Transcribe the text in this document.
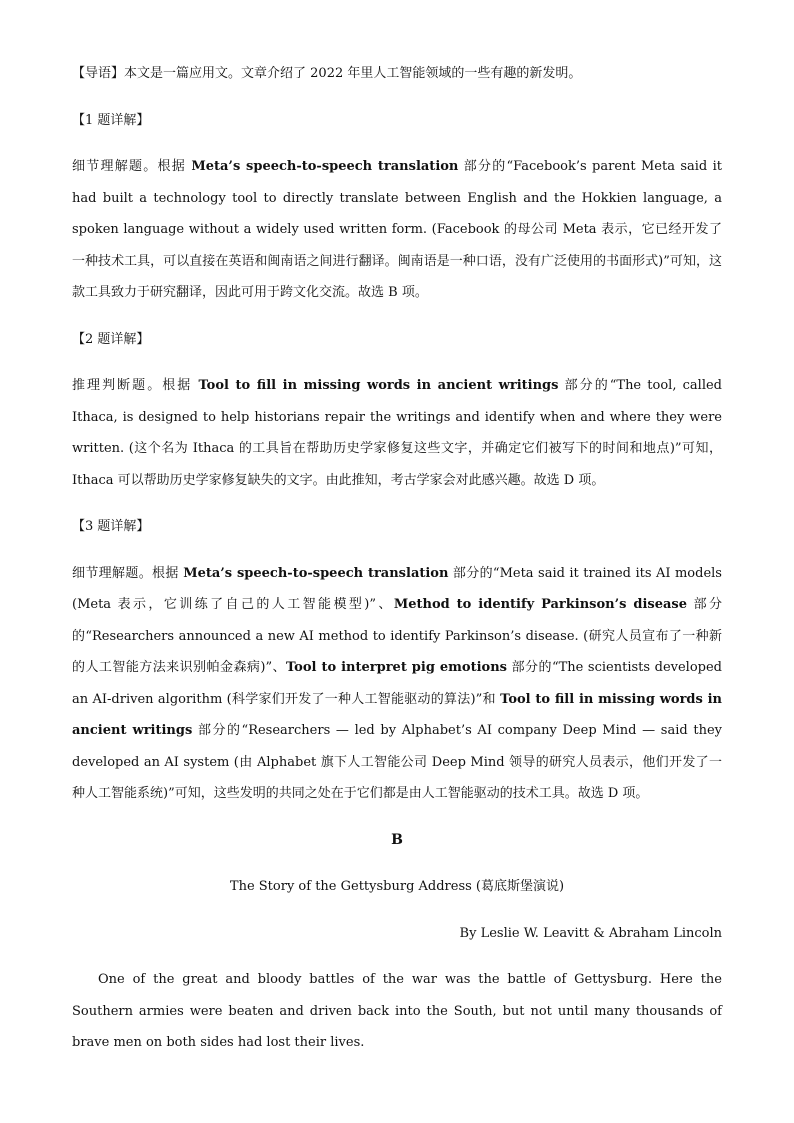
【导语】本文是一篇应用文。文章介绍了 2022 年里人工智能领域的一些有趣的新发明。

【1 题详解】

细节理解题。根据 Meta’s speech-to-speech translation 部分的“Facebook’s parent Meta said it had built a technology tool to directly translate between English and the Hokkien language, a spoken language without a widely used written form. (Facebook 的母公司 Meta 表示，它已经开发了一种技术工具，可以直接在英语和闽南语之间进行翻译。闽南语是一种口语，没有广泛使用的书面形式)”可知，这款工具致力于研究翻译，因此可用于跨文化交流。故选 B 项。

【2 题详解】

推理判断题。根据 Tool to fill in missing words in ancient writings 部分的“The tool, called Ithaca, is designed to help historians repair the writings and identify when and where they were written. (这个名为 Ithaca 的工具旨在帮助历史学家修复这些文字，并确定它们被写下的时间和地点)”可知，Ithaca 可以帮助历史学家修复缺失的文字。由此推知，考古学家会对此感兴趣。故选 D 项。

【3 题详解】

细节理解题。根据 Meta’s speech-to-speech translation 部分的“Meta said it trained its AI models (Meta 表示，它训练了自己的人工智能模型)”、Method to identify Parkinson’s disease 部分的“Researchers announced a new AI method to identify Parkinson’s disease. (研究人员宣布了一种新的人工智能方法来识别帕金森病)”、Tool to interpret pig emotions 部分的“The scientists developed an AI-driven algorithm (科学家们开发了一种人工智能驱动的算法)”和 Tool to fill in missing words in ancient writings 部分的“Researchers — led by Alphabet’s AI company Deep Mind — said they developed an AI system (由 Alphabet 旗下人工智能公司 Deep Mind 领导的研究人员表示，他们开发了一种人工智能系统)”可知，这些发明的共同之处在于它们都是由人工智能驱动的技术工具。故选 D 项。

B

The Story of the Gettysburg Address (葛底斯堡演说)

By Leslie W. Leavitt & Abraham Lincoln

One of the great and bloody battles of the war was the battle of Gettysburg. Here the Southern armies were beaten and driven back into the South, but not until many thousands of brave men on both sides had lost their lives.
